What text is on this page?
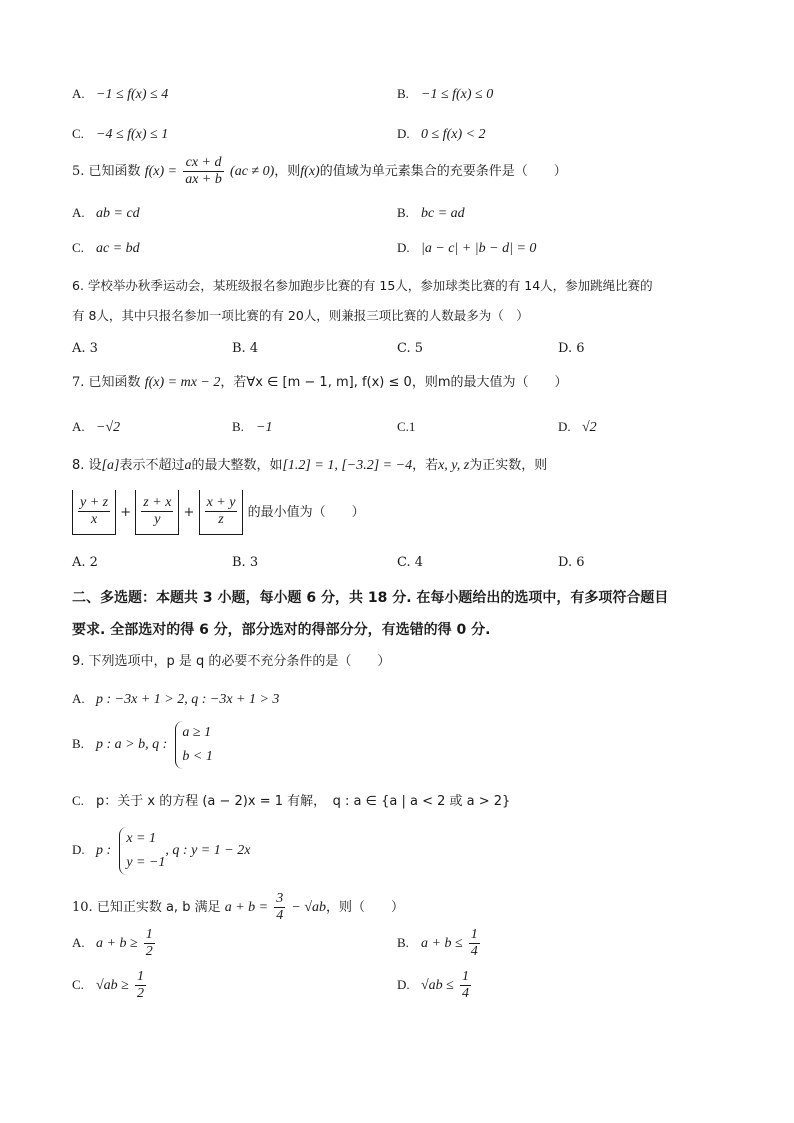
A. −1 ≤ f(x) ≤ 4	B. −1 ≤ f(x) ≤ 0
C. −4 ≤ f(x) ≤ 1	D. 0 ≤ f(x) < 2
5. 已知函数 $f(x) = \frac{cx + d}{ax + b} (ac \ne 0)$，则f(x)的值域为单元素集合的充要条件是（　　）
A. ab = cd	B. bc = ad
C. ac = bd	D. |a − c| + |b − d| = 0
6. 学校举办秋季运动会，某班级报名参加跑步比赛的有 15人，参加球类比赛的有 14人，参加跳绳比赛的
有 8人，其中只报名参加一项比赛的有 20人，则兼报三项比赛的人数最多为（　）
A. 3	B. 4	C. 5	D. 6
7. 已知函数 f(x) = mx − 2，若∀x ∈ [m − 1, m], f(x) ≤ 0，则m的最大值为（　　）
A. −√2	B. −1	C.1	D. √2
8. 设[a]表示不超过a的最大整数，如[1.2] = 1, [−3.2] = −4，若x, y, z为正实数，则
$\frac{y + z}{x} + \frac{z + x}{y} + \frac{x + y}{z}$ 的最小值为（　　）
A. 2	B. 3	C. 4	D. 6
二、多选题：本题共 3 小题，每小题 6 分，共 18 分. 在每小题给出的选项中，有多项符合题目
要求. 全部选对的得 6 分，部分选对的得部分分，有选错的得 0 分.
9. 下列选项中，p 是 q 的必要不充分条件的是（　　）
A. p : −3x + 1 > 2, q : −3x + 1 > 3
B. p : a > b, q :
a ≥ 1
b < 1
C. p：关于 x 的方程 (a − 2)x = 1 有解，　q : a ∈ {a | a < 2 或 a > 2}
D. p :
x = 1
y = −1
, q : y = 1 − 2x
10. 已知正实数 a, b 满足 $a + b = \frac{3}{4} - √ab$，则（　　）
A. $a + b \ge \frac{1}{2}$	B. $a + b \le \frac{1}{4}$
C. $√ab \ge \frac{1}{2}$	D. $√ab \le \frac{1}{4}$
